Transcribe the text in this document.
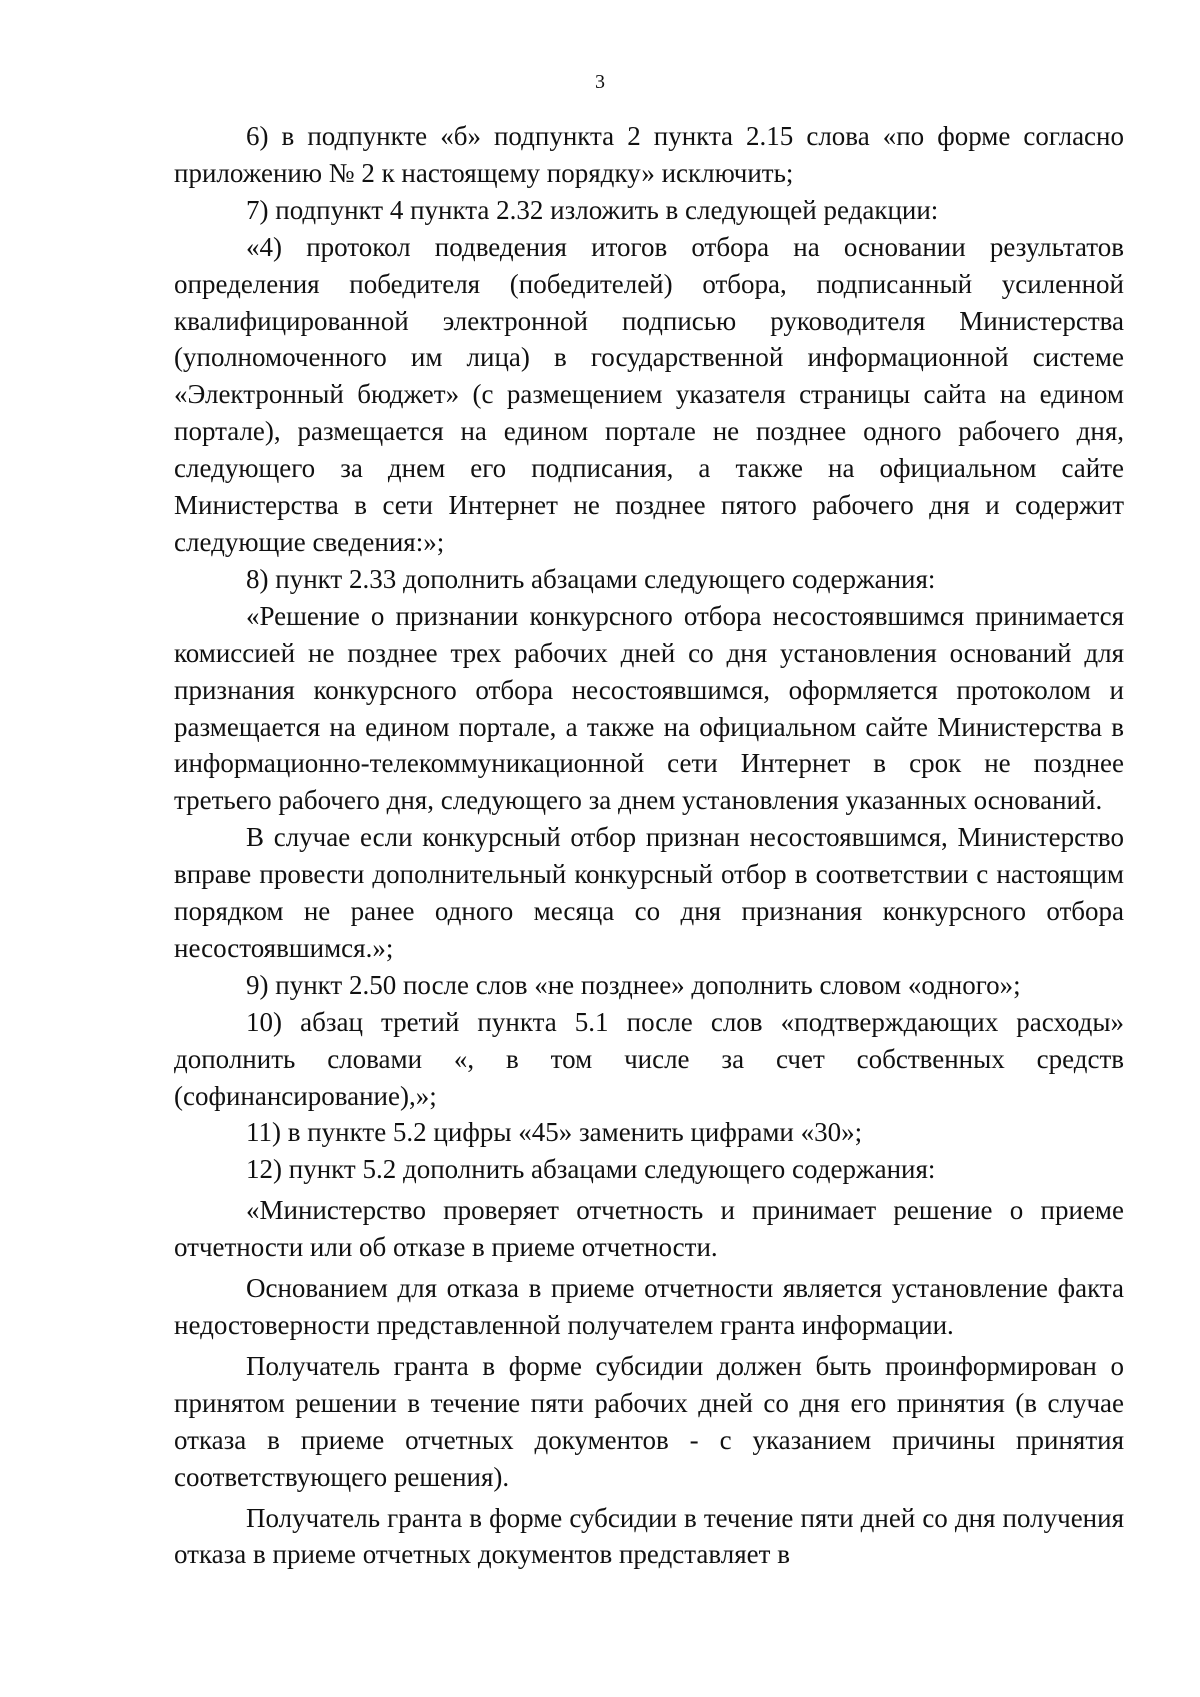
3

6) в подпункте «б» подпункта 2 пункта 2.15 слова «по форме согласно приложению № 2 к настоящему порядку» исключить;

7) подпункт 4 пункта 2.32 изложить в следующей редакции:

«4) протокол подведения итогов отбора на основании результатов определения победителя (победителей) отбора, подписанный усиленной квалифицированной электронной подписью руководителя Министерства (уполномоченного им лица) в государственной информационной системе «Электронный бюджет» (с размещением указателя страницы сайта на едином портале), размещается на едином портале не позднее одного рабочего дня, следующего за днем его подписания, а также на официальном сайте Министерства в сети Интернет не позднее пятого рабочего дня и содержит следующие сведения:»;

8) пункт 2.33 дополнить абзацами следующего содержания:

«Решение о признании конкурсного отбора несостоявшимся принимается комиссией не позднее трех рабочих дней со дня установления оснований для признания конкурсного отбора несостоявшимся, оформляется протоколом и размещается на едином портале, а также на официальном сайте Министерства в информационно-телекоммуникационной сети Интернет в срок не позднее третьего рабочего дня, следующего за днем установления указанных оснований.

В случае если конкурсный отбор признан несостоявшимся, Министерство вправе провести дополнительный конкурсный отбор в соответствии с настоящим порядком не ранее одного месяца со дня признания конкурсного отбора несостоявшимся.»;

9) пункт 2.50 после слов «не позднее» дополнить словом «одного»;

10) абзац третий пункта 5.1 после слов «подтверждающих расходы» дополнить словами «, в том числе за счет собственных средств (софинансирование),»;

11) в пункте 5.2 цифры «45» заменить цифрами «30»;

12) пункт 5.2 дополнить абзацами следующего содержания:

«Министерство проверяет отчетность и принимает решение о приеме отчетности или об отказе в приеме отчетности.

Основанием для отказа в приеме отчетности является установление факта недостоверности представленной получателем гранта информации.

Получатель гранта в форме субсидии должен быть проинформирован о принятом решении в течение пяти рабочих дней со дня его принятия (в случае отказа в приеме отчетных документов - с указанием причины принятия соответствующего решения).

Получатель гранта в форме субсидии в течение пяти дней со дня получения отказа в приеме отчетных документов представляет в
